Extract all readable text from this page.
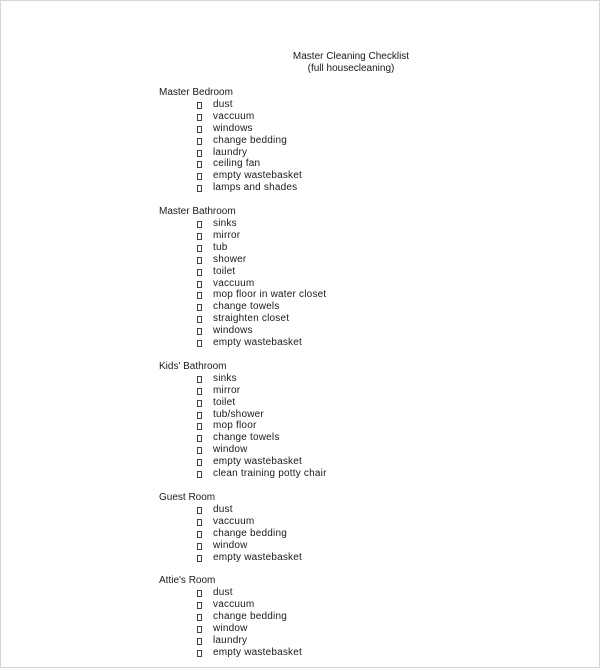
Master Cleaning Checklist
(full housecleaning)
Master Bedroom
dust
vaccuum
windows
change bedding
laundry
ceiling fan
empty wastebasket
lamps and shades
Master Bathroom
sinks
mirror
tub
shower
toilet
vaccuum
mop floor in water closet
change towels
straighten closet
windows
empty wastebasket
Kids' Bathroom
sinks
mirror
toilet
tub/shower
mop floor
change towels
window
empty wastebasket
clean training potty chair
Guest Room
dust
vaccuum
change bedding
window
empty wastebasket
Attie's Room
dust
vaccuum
change bedding
window
laundry
empty wastebasket
